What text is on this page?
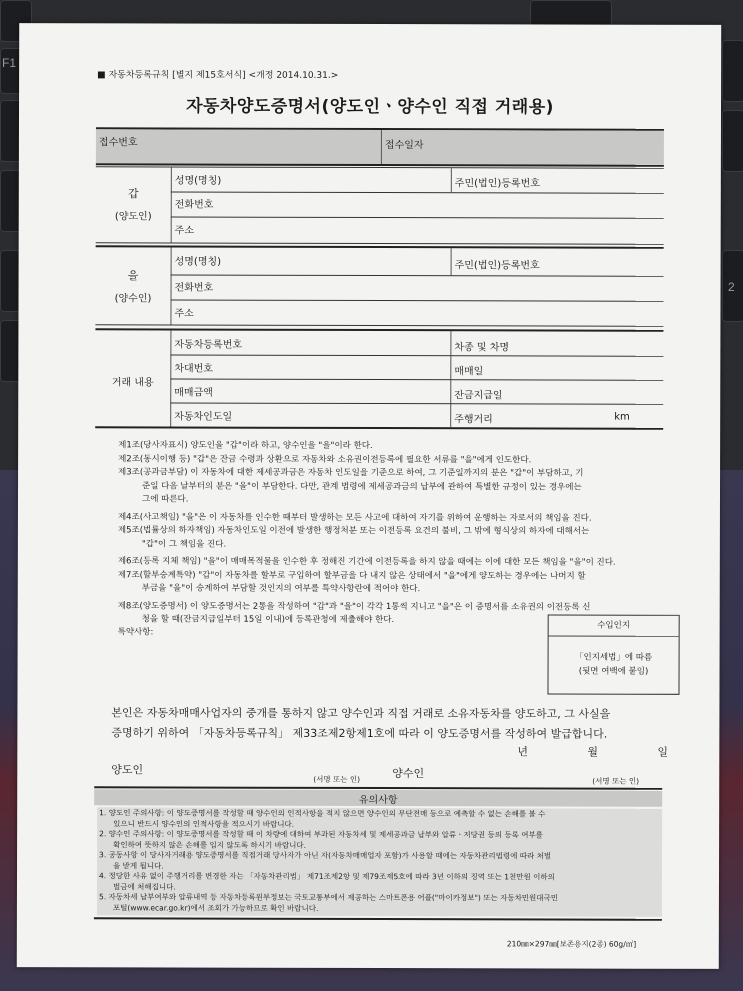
F1
2
■ 자동차등록규칙 [별지 제15호서식] <개정 2014.10.31.>
자동차양도증명서(양도인ㆍ양수인 직접 거래용)
접수번호	접수일자
갑
(양도인)
성명(명칭)	주민(법인)등록번호
전화번호
주소
을
(양수인)
성명(명칭)	주민(법인)등록번호
전화번호
주소
거래 내용
자동차등록번호	차종 및 차명
차대번호	매매일
매매금액	잔금지급일
자동차인도일	주행거리	km
제1조(당사자표시) 양도인을 "갑"이라 하고, 양수인을 "을"이라 한다.
제2조(동시이행 등) "갑"은 잔금 수령과 상환으로 자동차와 소유권이전등록에 필요한 서류를 "을"에게 인도한다.
제3조(공과금부담) 이 자동차에 대한 제세공과금은 자동차 인도일을 기준으로 하여, 그 기준일까지의 분은 "갑"이 부담하고, 기
준일 다음 날부터의 분은 "을"이 부담한다. 다만, 관계 법령에 제세공과금의 납부에 관하여 특별한 규정이 있는 경우에는
그에 따른다.
제4조(사고책임) "을"은 이 자동차를 인수한 때부터 발생하는 모든 사고에 대하여 자기를 위하여 운행하는 자로서의 책임을 진다.
제5조(법률상의 하자책임) 자동차인도일 이전에 발생한 행정처분 또는 이전등록 요건의 불비, 그 밖에 형식상의 하자에 대해서는
"갑"이 그 책임을 진다.
제6조(등록 지체 책임) "을"이 매매목적물을 인수한 후 정해진 기간에 이전등록을 하지 않을 때에는 이에 대한 모든 책임을 "을"이 진다.
제7조(할부승계특약) "갑"이 자동차를 할부로 구입하여 할부금을 다 내지 않은 상태에서 "을"에게 양도하는 경우에는 나머지 할
부금을 "을"이 승계하여 부담할 것인지의 여부를 특약사항란에 적어야 한다.
제8조(양도증명서) 이 양도증명서는 2통을 작성하여 "갑"과 "을"이 각각 1통씩 지니고 "을"은 이 증명서를 소유권의 이전등록 신
청을 할 때(잔금지급일부터 15일 이내)에 등록관청에 제출해야 한다.
특약사항:
수입인지
「인지세법」에 따름
(뒷면 여백에 붙임)
본인은 자동차매매사업자의 중개를 통하지 않고 양수인과 직접 거래로 소유자동차를 양도하고, 그 사실을
증명하기 위하여 「자동차등록규칙」 제33조제2항제1호에 따라 이 양도증명서를 작성하여 발급합니다.
년	월	일
양도인
(서명 또는 인)	양수인
(서명 또는 인)
유의사항
1. 양도인 주의사항: 이 양도증명서를 작성할 때 양수인의 인적사항을 적지 않으면 양수인의 무단전매 등으로 예측할 수 없는 손해를 볼 수
있으니 반드시 양수인의 인적사항을 적으시기 바랍니다.
2. 양수인 주의사항: 이 양도증명서를 작성할 때 이 차량에 대하여 부과된 자동차세 및 제세공과금 납부와 압류ㆍ저당권 등의 등록 여부를
확인하여 뜻하지 않은 손해를 입지 않도록 하시기 바랍니다.
3. 공동사항 이 당사자거래용 양도증명서를 직접거래 당사자가 아닌 자(자동차매매업자 포함)가 사용할 때에는 자동차관리법령에 따라 처벌
을 받게 됩니다.
4. 정당한 사유 없이 주행거리를 변경한 자는 「자동차관리법」 제71조제2항 및 제79조제5호에 따라 3년 이하의 징역 또는 1천만원 이하의
벌금에 처해집니다.
5. 자동차세 납부여부와 압류내역 등 자동차등록원부정보는 국토교통부에서 제공하는 스마트폰용 어플("마이카정보") 또는 자동차민원대국민
포털(www.ecar.go.kr)에서 조회가 가능하므로 확인 바랍니다.
210㎜×297㎜[보존용지(2종) 60g/㎡]
